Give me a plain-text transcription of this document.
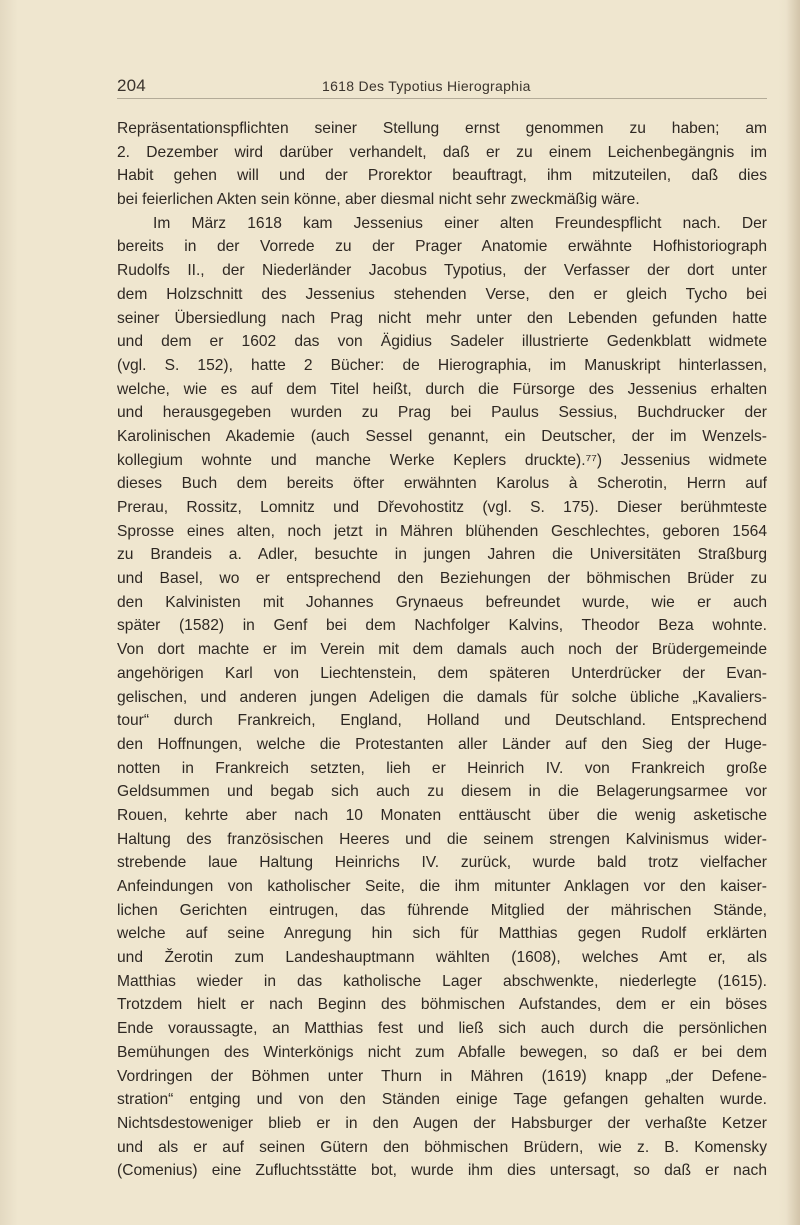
204	1618 Des Typotius Hierographia
Repräsentationspflichten seiner Stellung ernst genommen zu haben; am
2. Dezember wird darüber verhandelt, daß er zu einem Leichenbegängnis im
Habit gehen will und der Prorektor beauftragt, ihm mitzuteilen, daß dies
bei feierlichen Akten sein könne, aber diesmal nicht sehr zweckmäßig wäre.
Im März 1618 kam Jessenius einer alten Freundespflicht nach. Der
bereits in der Vorrede zu der Prager Anatomie erwähnte Hofhistoriograph
Rudolfs II., der Niederländer Jacobus Typotius, der Verfasser der dort unter
dem Holzschnitt des Jessenius stehenden Verse, den er gleich Tycho bei
seiner Übersiedlung nach Prag nicht mehr unter den Lebenden gefunden hatte
und dem er 1602 das von Ägidius Sadeler illustrierte Gedenkblatt widmete
(vgl. S. 152), hatte 2 Bücher: de Hierographia, im Manuskript hinterlassen,
welche, wie es auf dem Titel heißt, durch die Fürsorge des Jessenius erhalten
und herausgegeben wurden zu Prag bei Paulus Sessius, Buchdrucker der
Karolinischen Akademie (auch Sessel genannt, ein Deutscher, der im Wenzels-
kollegium wohnte und manche Werke Keplers druckte).⁷⁷) Jessenius widmete
dieses Buch dem bereits öfter erwähnten Karolus à Scherotin, Herrn auf
Prerau, Rossitz, Lomnitz und Dřevohostitz (vgl. S. 175). Dieser berühmteste
Sprosse eines alten, noch jetzt in Mähren blühenden Geschlechtes, geboren 1564
zu Brandeis a. Adler, besuchte in jungen Jahren die Universitäten Straßburg
und Basel, wo er entsprechend den Beziehungen der böhmischen Brüder zu
den Kalvinisten mit Johannes Grynaeus befreundet wurde, wie er auch
später (1582) in Genf bei dem Nachfolger Kalvins, Theodor Beza wohnte.
Von dort machte er im Verein mit dem damals auch noch der Brüdergemeinde
angehörigen Karl von Liechtenstein, dem späteren Unterdrücker der Evan-
gelischen, und anderen jungen Adeligen die damals für solche übliche „Kavaliers-
tour“ durch Frankreich, England, Holland und Deutschland. Entsprechend
den Hoffnungen, welche die Protestanten aller Länder auf den Sieg der Huge-
notten in Frankreich setzten, lieh er Heinrich IV. von Frankreich große
Geldsummen und begab sich auch zu diesem in die Belagerungsarmee vor
Rouen, kehrte aber nach 10 Monaten enttäuscht über die wenig asketische
Haltung des französischen Heeres und die seinem strengen Kalvinismus wider-
strebende laue Haltung Heinrichs IV. zurück, wurde bald trotz vielfacher
Anfeindungen von katholischer Seite, die ihm mitunter Anklagen vor den kaiser-
lichen Gerichten eintrugen, das führende Mitglied der mährischen Stände,
welche auf seine Anregung hin sich für Matthias gegen Rudolf erklärten
und Žerotin zum Landeshauptmann wählten (1608), welches Amt er, als
Matthias wieder in das katholische Lager abschwenkte, niederlegte (1615).
Trotzdem hielt er nach Beginn des böhmischen Aufstandes, dem er ein böses
Ende voraussagte, an Matthias fest und ließ sich auch durch die persönlichen
Bemühungen des Winterkönigs nicht zum Abfalle bewegen, so daß er bei dem
Vordringen der Böhmen unter Thurn in Mähren (1619) knapp „der Defene-
stration“ entging und von den Ständen einige Tage gefangen gehalten wurde.
Nichtsdestoweniger blieb er in den Augen der Habsburger der verhaßte Ketzer
und als er auf seinen Gütern den böhmischen Brüdern, wie z. B. Komensky
(Comenius) eine Zufluchtsstätte bot, wurde ihm dies untersagt, so daß er nach
